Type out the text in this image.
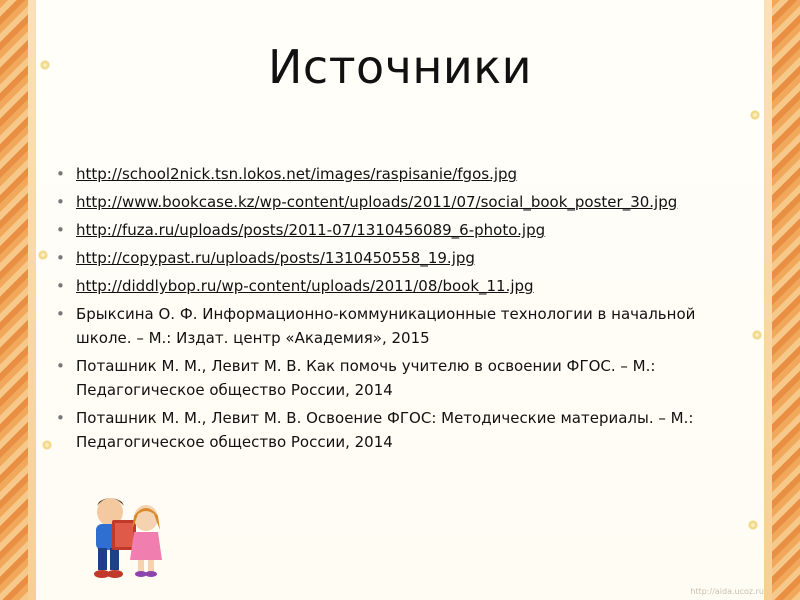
Источники
• http://school2nick.tsn.lokos.net/images/raspisanie/fgos.jpg
• http://www.bookcase.kz/wp-content/uploads/2011/07/social_book_poster_30.jpg
• http://fuza.ru/uploads/posts/2011-07/1310456089_6-photo.jpg
• http://copypast.ru/uploads/posts/1310450558_19.jpg
• http://diddlybop.ru/wp-content/uploads/2011/08/book_11.jpg
• Брыксина О. Ф. Информационно-коммуникационные технологии в начальной школе. – М.: Издат. центр «Академия», 2015
• Поташник М. М., Левит М. В. Как помочь учителю в освоении ФГОС. – М.: Педагогическое общество России, 2014
• Поташник М. М., Левит М. В. Освоение ФГОС: Методические материалы. – М.: Педагогическое общество России, 2014
http://aida.ucoz.ru
